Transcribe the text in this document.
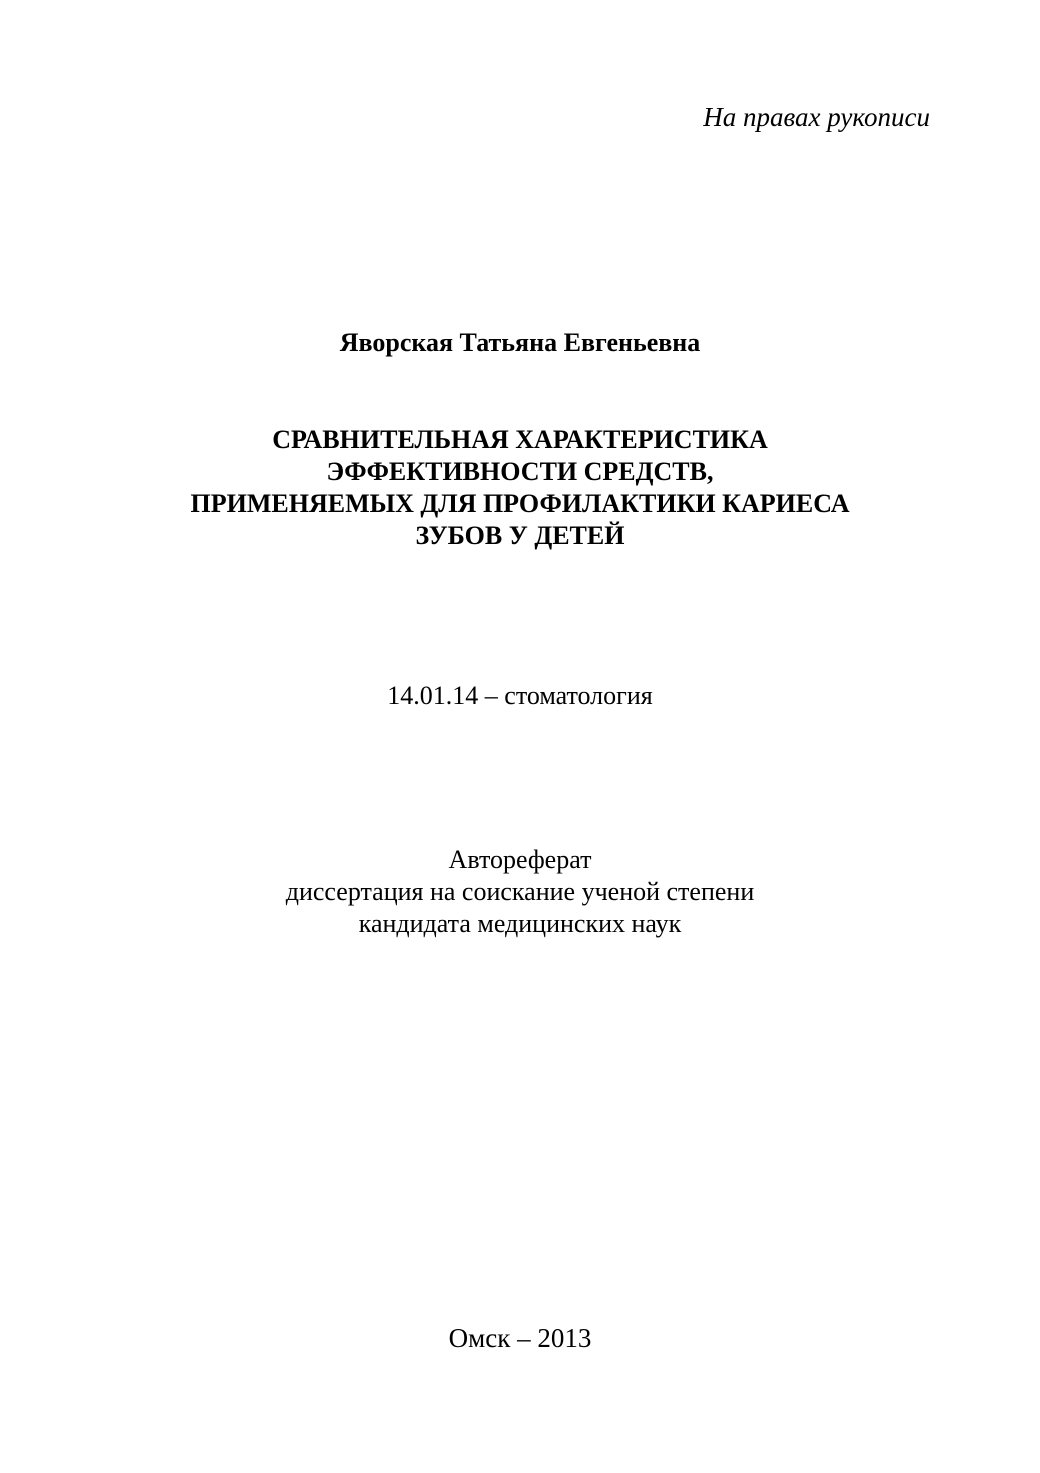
На правах рукописи

Яворская Татьяна Евгеньевна

СРАВНИТЕЛЬНАЯ ХАРАКТЕРИСТИКА
ЭФФЕКТИВНОСТИ СРЕДСТВ,
ПРИМЕНЯЕМЫХ ДЛЯ ПРОФИЛАКТИКИ КАРИЕСА
ЗУБОВ У ДЕТЕЙ

14.01.14 – стоматология

Автореферат
диссертация на соискание ученой степени
кандидата медицинских наук

Омск – 2013
